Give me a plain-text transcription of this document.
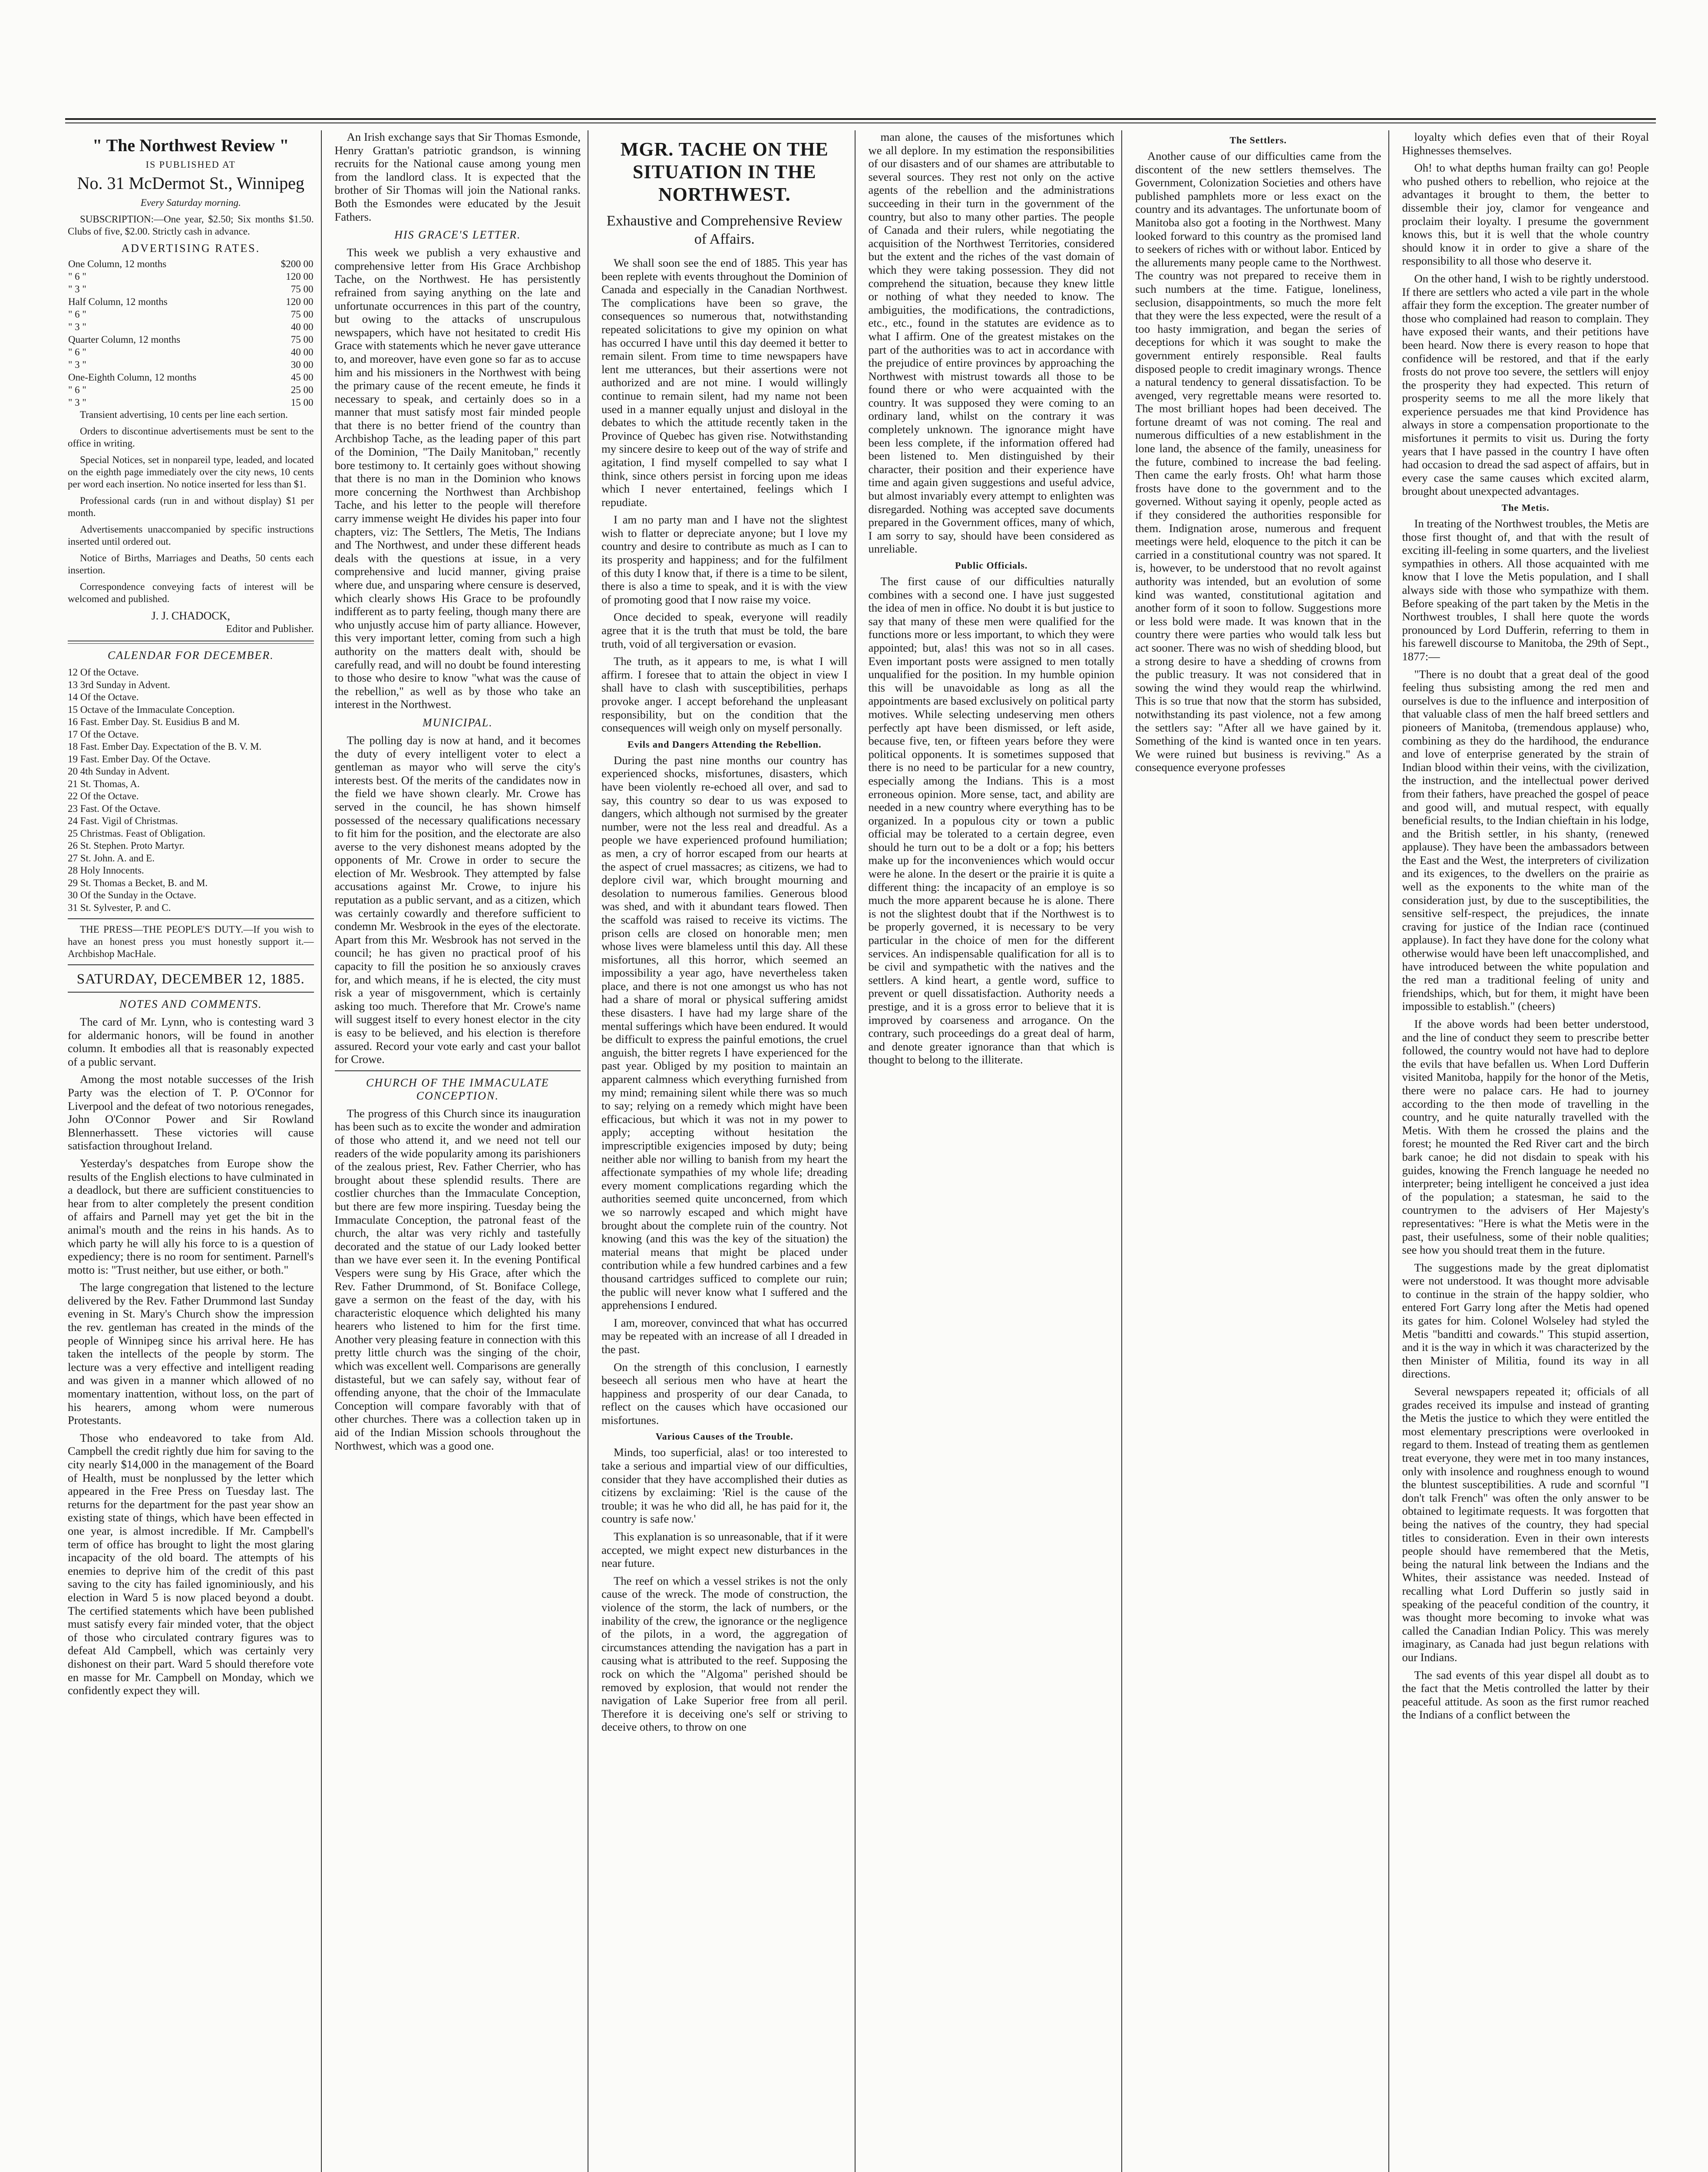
" The Northwest Review "
IS PUBLISHED AT
No. 31 McDermot St., Winnipeg

Every Saturday morning.

SUBSCRIPTION:—One year, $2.50; Six months $1.50. Clubs of five, $2.00. Strictly cash in advance.

ADVERTISING RATES.
One Column, 12 months	$200 00
" 6 "	120 00
" 3 "	75 00
Half Column, 12 months	120 00
" 6 "	75 00
" 3 "	40 00
Quarter Column, 12 months	75 00
" 6 "	40 00
" 3 "	30 00
One-Eighth Column, 12 months	45 00
" 6 "	25 00
" 3 "	15 00

Transient advertising, 10 cents per line each sertion.

Orders to discontinue advertisements must be sent to the office in writing.

Special Notices, set in nonpareil type, leaded, and located on the eighth page immediately over the city news, 10 cents per word each insertion. No notice inserted for less than $1.

Professional cards (run in and without display) $1 per month.

Advertisements unaccompanied by specific instructions inserted until ordered out.

Notice of Births, Marriages and Deaths, 50 cents each insertion.

Correspondence conveying facts of interest will be welcomed and published.

J. J. CHADOCK,
Editor and Publisher.
CALENDAR FOR DECEMBER.
12 Of the Octave.
13 3rd Sunday in Advent.
14 Of the Octave.
15 Octave of the Immaculate Conception.
16 Fast. Ember Day. St. Eusidius B and M.
17 Of the Octave.
18 Fast. Ember Day. Expectation of the B. V. M.
19 Fast. Ember Day. Of the Octave.
20 4th Sunday in Advent.
21 St. Thomas, A.
22 Of the Octave.
23 Fast. Of the Octave.
24 Fast. Vigil of Christmas.
25 Christmas. Feast of Obligation.
26 St. Stephen. Proto Martyr.
27 St. John. A. and E.
28 Holy Innocents.
29 St. Thomas a Becket, B. and M.
30 Of the Sunday in the Octave.
31 St. Sylvester, P. and C.

THE PRESS—THE PEOPLE'S DUTY.—If you wish to have an honest press you must honestly support it.—Archbishop MacHale.

SATURDAY, DECEMBER 12, 1885.
NOTES AND COMMENTS.

The card of Mr. Lynn, who is contesting ward 3 for aldermanic honors, will be found in another column. It embodies all that is reasonably expected of a public servant.

Among the most notable successes of the Irish Party was the election of T. P. O'Connor for Liverpool and the defeat of two notorious renegades, John O'Connor Power and Sir Rowland Blennerhassett. These victories will cause satisfaction throughout Ireland.

Yesterday's despatches from Europe show the results of the English elections to have culminated in a deadlock, but there are sufficient constituencies to hear from to alter completely the present condition of affairs and Parnell may yet get the bit in the animal's mouth and the reins in his hands. As to which party he will ally his force to is a question of expediency; there is no room for sentiment. Parnell's motto is: "Trust neither, but use either, or both."

The large congregation that listened to the lecture delivered by the Rev. Father Drummond last Sunday evening in St. Mary's Church show the impression the rev. gentleman has created in the minds of the people of Winnipeg since his arrival here. He has taken the intellects of the people by storm. The lecture was a very effective and intelligent reading and was given in a manner which allowed of no momentary inattention, without loss, on the part of his hearers, among whom were numerous Protestants.

Those who endeavored to take from Ald. Campbell the credit rightly due him for saving to the city nearly $14,000 in the management of the Board of Health, must be nonplussed by the letter which appeared in the Free Press on Tuesday last. The returns for the department for the past year show an existing state of things, which have been effected in one year, is almost incredible. If Mr. Campbell's term of office has brought to light the most glaring incapacity of the old board. The attempts of his enemies to deprive him of the credit of this past saving to the city has failed ignominiously, and his election in Ward 5 is now placed beyond a doubt. The certified statements which have been published must satisfy every fair minded voter, that the object of those who circulated contrary figures was to defeat Ald Campbell, which was certainly very dishonest on their part. Ward 5 should therefore vote en masse for Mr. Campbell on Monday, which we confidently expect they will.

An Irish exchange says that Sir Thomas Esmonde, Henry Grattan's patriotic grandson, is winning recruits for the National cause among young men from the landlord class. It is expected that the brother of Sir Thomas will join the National ranks. Both the Esmondes were educated by the Jesuit Fathers.

HIS GRACE'S LETTER.

This week we publish a very exhaustive and comprehensive letter from His Grace Archbishop Tache, on the Northwest. He has persistently refrained from saying anything on the late and unfortunate occurrences in this part of the country, but owing to the attacks of unscrupulous newspapers, which have not hesitated to credit His Grace with statements which he never gave utterance to, and moreover, have even gone so far as to accuse him and his missioners in the Northwest with being the primary cause of the recent emeute, he finds it necessary to speak, and certainly does so in a manner that must satisfy most fair minded people that there is no better friend of the country than Archbishop Tache, as the leading paper of this part of the Dominion, "The Daily Manitoban," recently bore testimony to. It certainly goes without showing that there is no man in the Dominion who knows more concerning the Northwest than Archbishop Tache, and his letter to the people will therefore carry immense weight He divides his paper into four chapters, viz: The Settlers, The Metis, The Indians and The Northwest, and under these different heads deals with the questions at issue, in a very comprehensive and lucid manner, giving praise where due, and unsparing where censure is deserved, which clearly shows His Grace to be profoundly indifferent as to party feeling, though many there are who unjustly accuse him of party alliance. However, this very important letter, coming from such a high authority on the matters dealt with, should be carefully read, and will no doubt be found interesting to those who desire to know "what was the cause of the rebellion," as well as by those who take an interest in the Northwest.

MUNICIPAL.

The polling day is now at hand, and it becomes the duty of every intelligent voter to elect a gentleman as mayor who will serve the city's interests best. Of the merits of the candidates now in the field we have shown clearly. Mr. Crowe has served in the council, he has shown himself possessed of the necessary qualifications necessary to fit him for the position, and the electorate are also averse to the very dishonest means adopted by the opponents of Mr. Crowe in order to secure the election of Mr. Wesbrook. They attempted by false accusations against Mr. Crowe, to injure his reputation as a public servant, and as a citizen, which was certainly cowardly and therefore sufficient to condemn Mr. Wesbrook in the eyes of the electorate. Apart from this Mr. Wesbrook has not served in the council; he has given no practical proof of his capacity to fill the position he so anxiously craves for, and which means, if he is elected, the city must risk a year of misgovernment, which is certainly asking too much. Therefore that Mr. Crowe's name will suggest itself to every honest elector in the city is easy to be believed, and his election is therefore assured. Record your vote early and cast your ballot for Crowe.

CHURCH OF THE IMMACULATE CONCEPTION.

The progress of this Church since its inauguration has been such as to excite the wonder and admiration of those who attend it, and we need not tell our readers of the wide popularity among its parishioners of the zealous priest, Rev. Father Cherrier, who has brought about these splendid results. There are costlier churches than the Immaculate Conception, but there are few more inspiring. Tuesday being the Immaculate Conception, the patronal feast of the church, the altar was very richly and tastefully decorated and the statue of our Lady looked better than we have ever seen it. In the evening Pontifical Vespers were sung by His Grace, after which the Rev. Father Drummond, of St. Boniface College, gave a sermon on the feast of the day, with his characteristic eloquence which delighted his many hearers who listened to him for the first time. Another very pleasing feature in connection with this pretty little church was the singing of the choir, which was excellent well. Comparisons are generally distasteful, but we can safely say, without fear of offending anyone, that the choir of the Immaculate Conception will compare favorably with that of other churches. There was a collection taken up in aid of the Indian Mission schools throughout the Northwest, which was a good one.

MGR. TACHE ON THE SITUATION IN THE NORTHWEST.
Exhaustive and Comprehensive Review of Affairs.

We shall soon see the end of 1885. This year has been replete with events throughout the Dominion of Canada and especially in the Canadian Northwest. The complications have been so grave, the consequences so numerous that, notwithstanding repeated solicitations to give my opinion on what has occurred I have until this day deemed it better to remain silent. From time to time newspapers have lent me utterances, but their assertions were not authorized and are not mine. I would willingly continue to remain silent, had my name not been used in a manner equally unjust and disloyal in the debates to which the attitude recently taken in the Province of Quebec has given rise. Notwithstanding my sincere desire to keep out of the way of strife and agitation, I find myself compelled to say what I think, since others persist in forcing upon me ideas which I never entertained, feelings which I repudiate.

I am no party man and I have not the slightest wish to flatter or depreciate anyone; but I love my country and desire to contribute as much as I can to its prosperity and happiness; and for the fulfilment of this duty I know that, if there is a time to be silent, there is also a time to speak, and it is with the view of promoting good that I now raise my voice.

Once decided to speak, everyone will readily agree that it is the truth that must be told, the bare truth, void of all tergiversation or evasion.

The truth, as it appears to me, is what I will affirm. I foresee that to attain the object in view I shall have to clash with susceptibilities, perhaps provoke anger. I accept beforehand the unpleasant responsibility, but on the condition that the consequences will weigh only on myself personally.

Evils and Dangers Attending the Rebellion.

During the past nine months our country has experienced shocks, misfortunes, disasters, which have been violently re-echoed all over, and sad to say, this country so dear to us was exposed to dangers, which although not surmised by the greater number, were not the less real and dreadful. As a people we have experienced profound humiliation; as men, a cry of horror escaped from our hearts at the aspect of cruel massacres; as citizens, we had to deplore civil war, which brought mourning and desolation to numerous families. Generous blood was shed, and with it abundant tears flowed. Then the scaffold was raised to receive its victims. The prison cells are closed on honorable men; men whose lives were blameless until this day. All these misfortunes, all this horror, which seemed an impossibility a year ago, have nevertheless taken place, and there is not one amongst us who has not had a share of moral or physical suffering amidst these disasters. I have had my large share of the mental sufferings which have been endured. It would be difficult to express the painful emotions, the cruel anguish, the bitter regrets I have experienced for the past year. Obliged by my position to maintain an apparent calmness which everything furnished from my mind; remaining silent while there was so much to say; relying on a remedy which might have been efficacious, but which it was not in my power to apply; accepting without hesitation the imprescriptible exigencies imposed by duty; being neither able nor willing to banish from my heart the affectionate sympathies of my whole life; dreading every moment complications regarding which the authorities seemed quite unconcerned, from which we so narrowly escaped and which might have brought about the complete ruin of the country. Not knowing (and this was the key of the situation) the material means that might be placed under contribution while a few hundred carbines and a few thousand cartridges sufficed to complete our ruin; the public will never know what I suffered and the apprehensions I endured.

I am, moreover, convinced that what has occurred may be repeated with an increase of all I dreaded in the past.

On the strength of this conclusion, I earnestly beseech all serious men who have at heart the happiness and prosperity of our dear Canada, to reflect on the causes which have occasioned our misfortunes.

Various Causes of the Trouble.

Minds, too superficial, alas! or too interested to take a serious and impartial view of our difficulties, consider that they have accomplished their duties as citizens by exclaiming: 'Riel is the cause of the trouble; it was he who did all, he has paid for it, the country is safe now.'

This explanation is so unreasonable, that if it were accepted, we might expect new disturbances in the near future.

The reef on which a vessel strikes is not the only cause of the wreck. The mode of construction, the violence of the storm, the lack of numbers, or the inability of the crew, the ignorance or the negligence of the pilots, in a word, the aggregation of circumstances attending the navigation has a part in causing what is attributed to the reef. Supposing the rock on which the "Algoma" perished should be removed by explosion, that would not render the navigation of Lake Superior free from all peril. Therefore it is deceiving one's self or striving to deceive others, to throw on one

man alone, the causes of the misfortunes which we all deplore. In my estimation the responsibilities of our disasters and of our shames are attributable to several sources. They rest not only on the active agents of the rebellion and the administrations succeeding in their turn in the government of the country, but also to many other parties. The people of Canada and their rulers, while negotiating the acquisition of the Northwest Territories, considered but the extent and the riches of the vast domain of which they were taking possession. They did not comprehend the situation, because they knew little or nothing of what they needed to know. The ambiguities, the modifications, the contradictions, etc., etc., found in the statutes are evidence as to what I affirm. One of the greatest mistakes on the part of the authorities was to act in accordance with the prejudice of entire provinces by approaching the Northwest with mistrust towards all those to be found there or who were acquainted with the country. It was supposed they were coming to an ordinary land, whilst on the contrary it was completely unknown. The ignorance might have been less complete, if the information offered had been listened to. Men distinguished by their character, their position and their experience have time and again given suggestions and useful advice, but almost invariably every attempt to enlighten was disregarded. Nothing was accepted save documents prepared in the Government offices, many of which, I am sorry to say, should have been considered as unreliable.

Public Officials.

The first cause of our difficulties naturally combines with a second one. I have just suggested the idea of men in office. No doubt it is but justice to say that many of these men were qualified for the functions more or less important, to which they were appointed; but, alas! this was not so in all cases. Even important posts were assigned to men totally unqualified for the position. In my humble opinion this will be unavoidable as long as all the appointments are based exclusively on political party motives. While selecting undeserving men others perfectly apt have been dismissed, or left aside, because five, ten, or fifteen years before they were political opponents. It is sometimes supposed that there is no need to be particular for a new country, especially among the Indians. This is a most erroneous opinion. More sense, tact, and ability are needed in a new country where everything has to be organized. In a populous city or town a public official may be tolerated to a certain degree, even should he turn out to be a dolt or a fop; his betters make up for the inconveniences which would occur were he alone. In the desert or the prairie it is quite a different thing: the incapacity of an employe is so much the more apparent because he is alone. There is not the slightest doubt that if the Northwest is to be properly governed, it is necessary to be very particular in the choice of men for the different services. An indispensable qualification for all is to be civil and sympathetic with the natives and the settlers. A kind heart, a gentle word, suffice to prevent or quell dissatisfaction. Authority needs a prestige, and it is a gross error to believe that it is improved by coarseness and arrogance. On the contrary, such proceedings do a great deal of harm, and denote greater ignorance than that which is thought to belong to the illiterate.

The Settlers.

Another cause of our difficulties came from the discontent of the new settlers themselves. The Government, Colonization Societies and others have published pamphlets more or less exact on the country and its advantages. The unfortunate boom of Manitoba also got a footing in the Northwest. Many looked forward to this country as the promised land to seekers of riches with or without labor. Enticed by the allurements many people came to the Northwest. The country was not prepared to receive them in such numbers at the time. Fatigue, loneliness, seclusion, disappointments, so much the more felt that they were the less expected, were the result of a too hasty immigration, and began the series of deceptions for which it was sought to make the government entirely responsible. Real faults disposed people to credit imaginary wrongs. Thence a natural tendency to general dissatisfaction. To be avenged, very regrettable means were resorted to. The most brilliant hopes had been deceived. The fortune dreamt of was not coming. The real and numerous difficulties of a new establishment in the lone land, the absence of the family, uneasiness for the future, combined to increase the bad feeling. Then came the early frosts. Oh! what harm those frosts have done to the government and to the governed. Without saying it openly, people acted as if they considered the authorities responsible for them. Indignation arose, numerous and frequent meetings were held, eloquence to the pitch it can be carried in a constitutional country was not spared. It is, however, to be understood that no revolt against authority was intended, but an evolution of some kind was wanted, constitutional agitation and another form of it soon to follow. Suggestions more or less bold were made. It was known that in the country there were parties who would talk less but act sooner. There was no wish of shedding blood, but a strong desire to have a shedding of crowns from the public treasury. It was not considered that in sowing the wind they would reap the whirlwind. This is so true that now that the storm has subsided, notwithstanding its past violence, not a few among the settlers say: "After all we have gained by it. Something of the kind is wanted once in ten years. We were ruined but business is reviving." As a consequence everyone professes

loyalty which defies even that of their Royal Highnesses themselves.

Oh! to what depths human frailty can go! People who pushed others to rebellion, who rejoice at the advantages it brought to them, the better to dissemble their joy, clamor for vengeance and proclaim their loyalty. I presume the government knows this, but it is well that the whole country should know it in order to give a share of the responsibility to all those who deserve it.

On the other hand, I wish to be rightly understood. If there are settlers who acted a vile part in the whole affair they form the exception. The greater number of those who complained had reason to complain. They have exposed their wants, and their petitions have been heard. Now there is every reason to hope that confidence will be restored, and that if the early frosts do not prove too severe, the settlers will enjoy the prosperity they had expected. This return of prosperity seems to me all the more likely that experience persuades me that kind Providence has always in store a compensation proportionate to the misfortunes it permits to visit us. During the forty years that I have passed in the country I have often had occasion to dread the sad aspect of affairs, but in every case the same causes which excited alarm, brought about unexpected advantages.

The Metis.

In treating of the Northwest troubles, the Metis are those first thought of, and that with the result of exciting ill-feeling in some quarters, and the liveliest sympathies in others. All those acquainted with me know that I love the Metis population, and I shall always side with those who sympathize with them. Before speaking of the part taken by the Metis in the Northwest troubles, I shall here quote the words pronounced by Lord Dufferin, referring to them in his farewell discourse to Manitoba, the 29th of Sept., 1877:—

"There is no doubt that a great deal of the good feeling thus subsisting among the red men and ourselves is due to the influence and interposition of that valuable class of men the half breed settlers and pioneers of Manitoba, (tremendous applause) who, combining as they do the hardihood, the endurance and love of enterprise generated by the strain of Indian blood within their veins, with the civilization, the instruction, and the intellectual power derived from their fathers, have preached the gospel of peace and good will, and mutual respect, with equally beneficial results, to the Indian chieftain in his lodge, and the British settler, in his shanty, (renewed applause). They have been the ambassadors between the East and the West, the interpreters of civilization and its exigences, to the dwellers on the prairie as well as the exponents to the white man of the consideration just, by due to the susceptibilities, the sensitive self-respect, the prejudices, the innate craving for justice of the Indian race (continued applause). In fact they have done for the colony what otherwise would have been left unaccomplished, and have introduced between the white population and the red man a traditional feeling of unity and friendships, which, but for them, it might have been impossible to establish." (cheers)

If the above words had been better understood, and the line of conduct they seem to prescribe better followed, the country would not have had to deplore the evils that have befallen us. When Lord Dufferin visited Manitoba, happily for the honor of the Metis, there were no palace cars. He had to journey according to the then mode of travelling in the country, and he quite naturally travelled with the Metis. With them he crossed the plains and the forest; he mounted the Red River cart and the birch bark canoe; he did not disdain to speak with his guides, knowing the French language he needed no interpreter; being intelligent he conceived a just idea of the population; a statesman, he said to the countrymen to the advisers of Her Majesty's representatives: "Here is what the Metis were in the past, their usefulness, some of their noble qualities; see how you should treat them in the future.

The suggestions made by the great diplomatist were not understood. It was thought more advisable to continue in the strain of the happy soldier, who entered Fort Garry long after the Metis had opened its gates for him. Colonel Wolseley had styled the Metis "banditti and cowards." This stupid assertion, and it is the way in which it was characterized by the then Minister of Militia, found its way in all directions.

Several newspapers repeated it; officials of all grades received its impulse and instead of granting the Metis the justice to which they were entitled the most elementary prescriptions were overlooked in regard to them. Instead of treating them as gentlemen treat everyone, they were met in too many instances, only with insolence and roughness enough to wound the bluntest susceptibilities. A rude and scornful "I don't talk French" was often the only answer to be obtained to legitimate requests. It was forgotten that being the natives of the country, they had special titles to consideration. Even in their own interests people should have remembered that the Metis, being the natural link between the Indians and the Whites, their assistance was needed. Instead of recalling what Lord Dufferin so justly said in speaking of the peaceful condition of the country, it was thought more becoming to invoke what was called the Canadian Indian Policy. This was merely imaginary, as Canada had just begun relations with our Indians.

The sad events of this year dispel all doubt as to the fact that the Metis controlled the latter by their peaceful attitude. As soon as the first rumor reached the Indians of a conflict between the
